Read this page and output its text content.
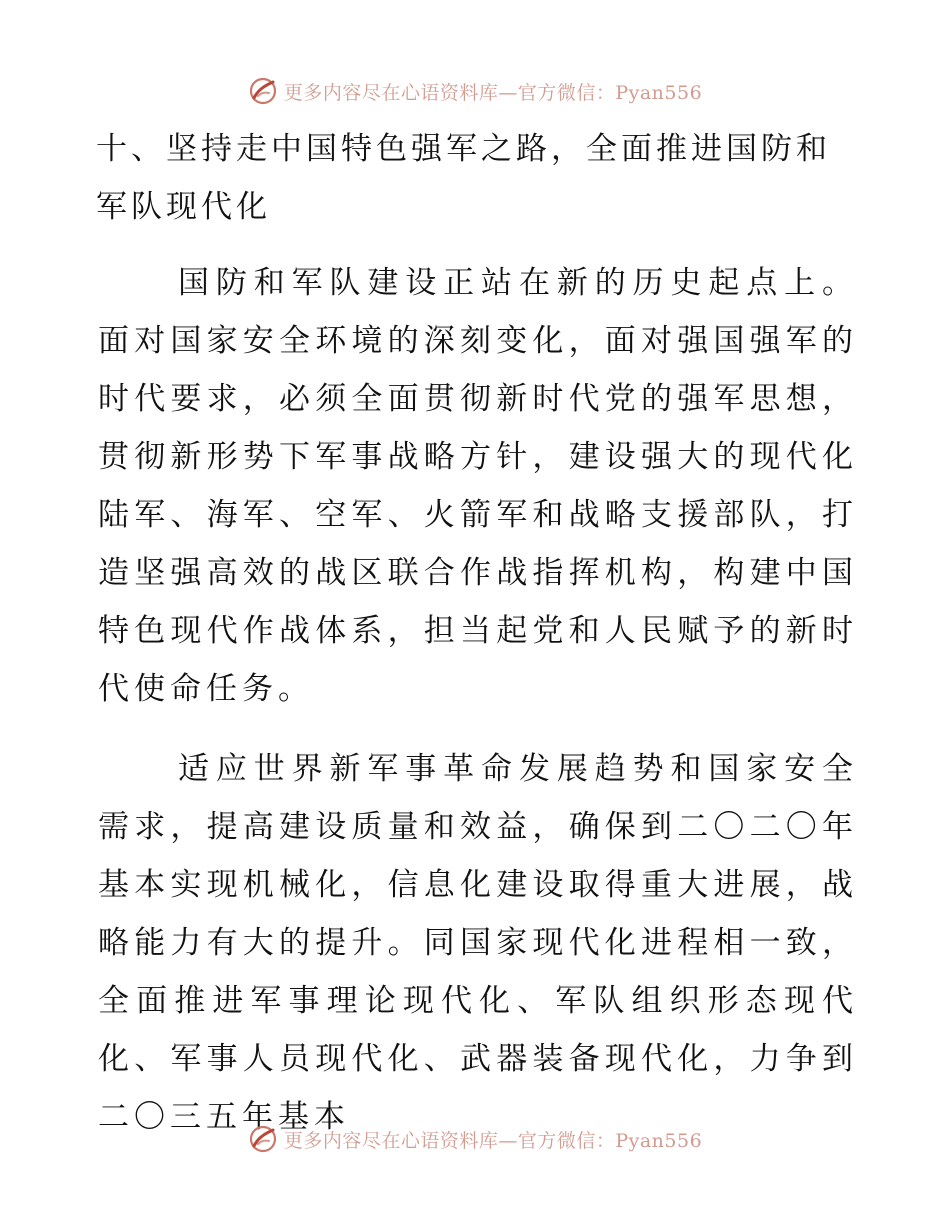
更多内容尽在心语资料库—官方微信：Pyan556
十、坚持走中国特色强军之路，全面推进国防和军队现代化

国防和军队建设正站在新的历史起点上。面对国家安全环境的深刻变化，面对强国强军的时代要求，必须全面贯彻新时代党的强军思想，贯彻新形势下军事战略方针，建设强大的现代化陆军、海军、空军、火箭军和战略支援部队，打造坚强高效的战区联合作战指挥机构，构建中国特色现代作战体系，担当起党和人民赋予的新时代使命任务。

适应世界新军事革命发展趋势和国家安全需求，提高建设质量和效益，确保到二〇二〇年基本实现机械化，信息化建设取得重大进展，战略能力有大的提升。同国家现代化进程相一致，全面推进军事理论现代化、军队组织形态现代化、军事人员现代化、武器装备现代化，力争到二〇三五年基本

更多内容尽在心语资料库—官方微信：Pyan556
